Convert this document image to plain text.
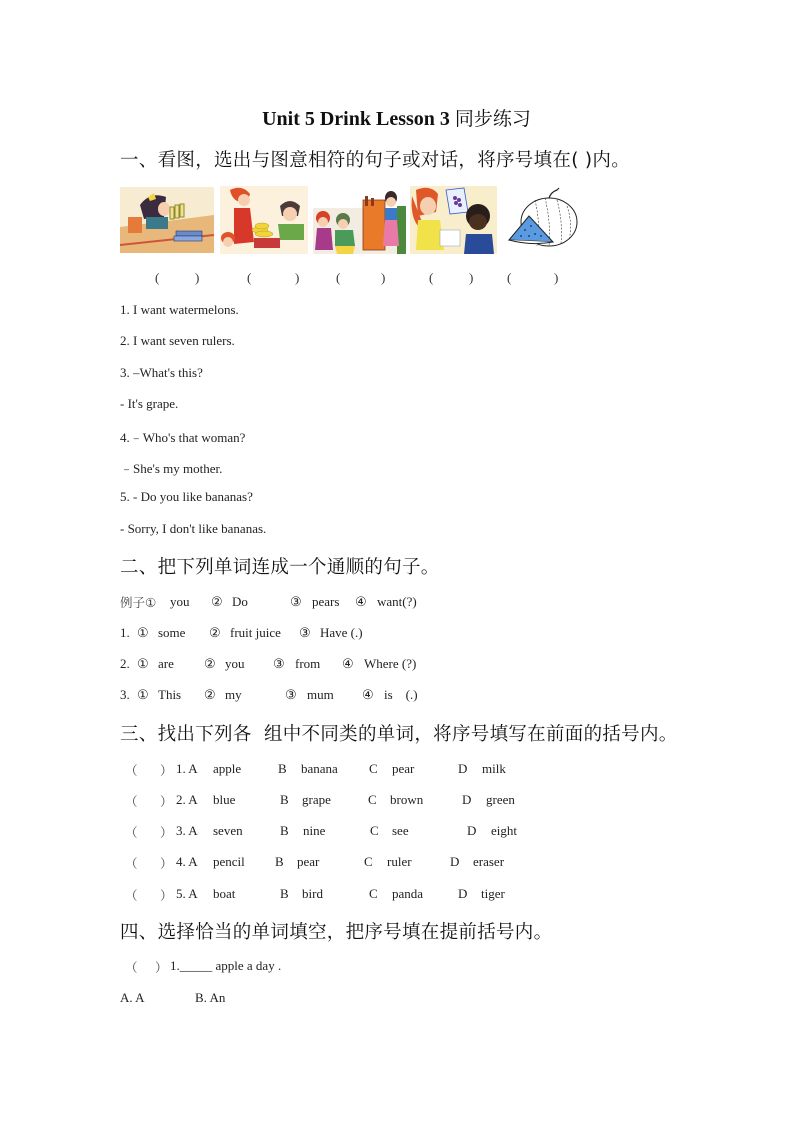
Unit 5 Drink Lesson 3 同步练习
一、看图，选出与图意相符的句子或对话，将序号填在( )内。
(	)	(	)	(	)	(	)	(	)
1. I want watermelons.
2. I want seven rulers.
3. –What's this?
- It's grape.
4.﹣Who's that woman?
﹣She's my mother.
5. - Do you like bananas?
- Sorry, I don't like bananas.
二、把下列单词连成一个通顺的句子。
例子① you ② Do	③ pears ④ want(?)
1. ① some ② fruit juice ③ Have (.)
2. ① are ② you ③ from ④ Where (?)
3. ① This ② my	③ mum ④ is    (.)
三、找出下列各  组中不同类的单词，将序号填写在前面的括号内。
（ ） 1. A apple	B banana C pear	D milk
（ ） 2. A blue	B grape	C brown	D green
（ ） 3. A seven	B nine	C see	D eight
（ ） 4. A pencil B pear	C ruler	D eraser
（ ） 5. A boat	B bird	C panda	D tiger
四、选择恰当的单词填空，把序号填在提前括号内。
（ ） 1._____ apple a day .
A. A	B. An
